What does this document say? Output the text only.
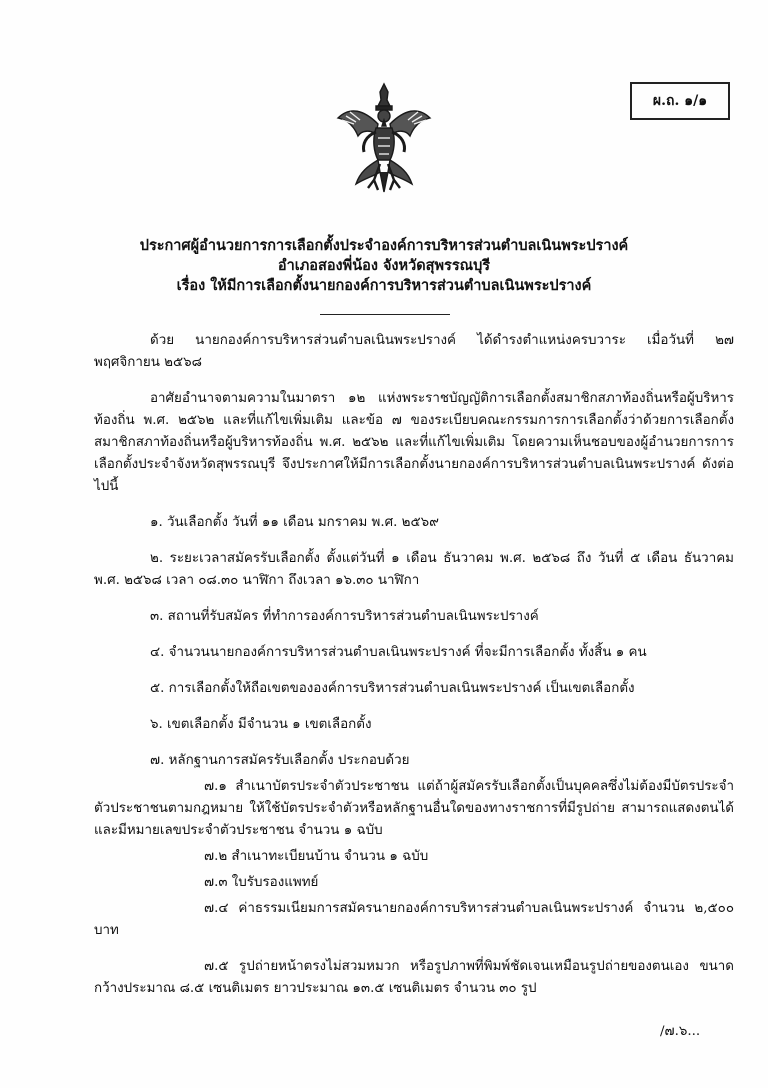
ผ.ถ. ๑/๑
ประกาศผู้อำนวยการการเลือกตั้งประจำองค์การบริหารส่วนตำบลเนินพระปรางค์
อำเภอสองพี่น้อง จังหวัดสุพรรณบุรี
เรื่อง ให้มีการเลือกตั้งนายกองค์การบริหารส่วนตำบลเนินพระปรางค์
ด้วย นายกองค์การบริหารส่วนตำบลเนินพระปรางค์ ได้ดำรงตำแหน่งครบวาระ เมื่อวันที่ ๒๗ พฤศจิกายน ๒๕๖๘
อาศัยอำนาจตามความในมาตรา ๑๒ แห่งพระราชบัญญัติการเลือกตั้งสมาชิกสภาท้องถิ่นหรือผู้บริหารท้องถิ่น พ.ศ. ๒๕๖๒ และที่แก้ไขเพิ่มเติม และข้อ ๗ ของระเบียบคณะกรรมการการเลือกตั้งว่าด้วยการเลือกตั้งสมาชิกสภาท้องถิ่นหรือผู้บริหารท้องถิ่น พ.ศ. ๒๕๖๒ และที่แก้ไขเพิ่มเติม โดยความเห็นชอบของผู้อำนวยการการเลือกตั้งประจำจังหวัดสุพรรณบุรี จึงประกาศให้มีการเลือกตั้งนายกองค์การบริหารส่วนตำบลเนินพระปรางค์ ดังต่อไปนี้
๑. วันเลือกตั้ง วันที่ ๑๑ เดือน มกราคม พ.ศ. ๒๕๖๙
๒. ระยะเวลาสมัครรับเลือกตั้ง ตั้งแต่วันที่ ๑ เดือน ธันวาคม พ.ศ. ๒๕๖๘ ถึง วันที่ ๕ เดือน ธันวาคม พ.ศ. ๒๕๖๘ เวลา ๐๘.๓๐ นาฬิกา ถึงเวลา ๑๖.๓๐ นาฬิกา
๓. สถานที่รับสมัคร ที่ทำการองค์การบริหารส่วนตำบลเนินพระปรางค์
๔. จำนวนนายกองค์การบริหารส่วนตำบลเนินพระปรางค์ ที่จะมีการเลือกตั้ง ทั้งสิ้น ๑ คน
๕. การเลือกตั้งให้ถือเขตขององค์การบริหารส่วนตำบลเนินพระปรางค์ เป็นเขตเลือกตั้ง
๖. เขตเลือกตั้ง มีจำนวน ๑ เขตเลือกตั้ง
๗. หลักฐานการสมัครรับเลือกตั้ง ประกอบด้วย
๗.๑ สำเนาบัตรประจำตัวประชาชน แต่ถ้าผู้สมัครรับเลือกตั้งเป็นบุคคลซึ่งไม่ต้องมีบัตรประจำตัวประชาชนตามกฎหมาย ให้ใช้บัตรประจำตัวหรือหลักฐานอื่นใดของทางราชการที่มีรูปถ่าย สามารถแสดงตนได้และมีหมายเลขประจำตัวประชาชน จำนวน ๑ ฉบับ
๗.๒ สำเนาทะเบียนบ้าน จำนวน ๑ ฉบับ
๗.๓ ใบรับรองแพทย์
๗.๔ ค่าธรรมเนียมการสมัครนายกองค์การบริหารส่วนตำบลเนินพระปรางค์ จำนวน ๒,๕๐๐ บาท
๗.๕ รูปถ่ายหน้าตรงไม่สวมหมวก หรือรูปภาพที่พิมพ์ชัดเจนเหมือนรูปถ่ายของตนเอง ขนาดกว้างประมาณ ๘.๕ เซนติเมตร ยาวประมาณ ๑๓.๕ เซนติเมตร จำนวน ๓๐ รูป
/๗.๖...
